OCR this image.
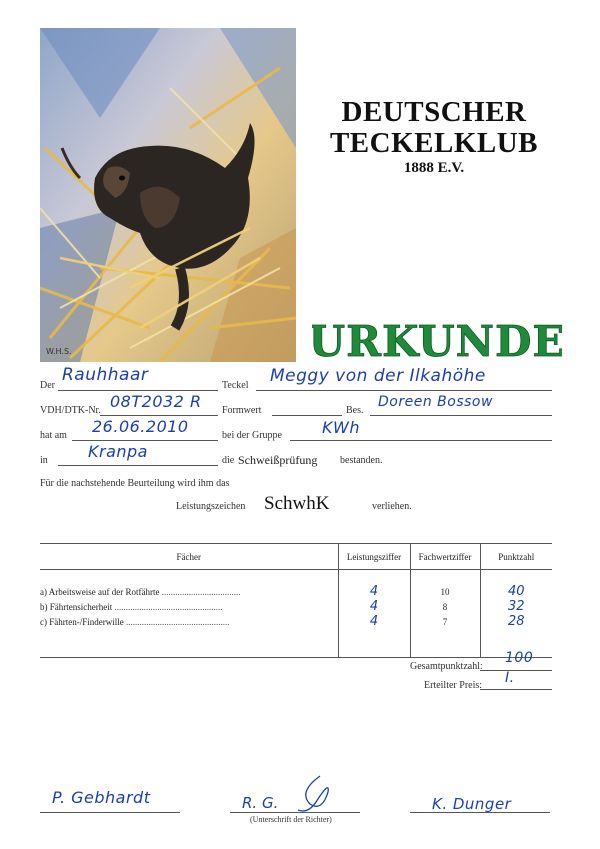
W.H.S.
DEUTSCHER
TECKELKLUB
1888 E.V.
URKUNDE
Der
Rauhhaar
Teckel Meggy von der Ilkahöhe
VDH/DTK-Nr. 08T2032 R Formwert	Bes.
Doreen Bossow
hat am 26.06.2010	bei der Gruppe	KWh
in	Kranpa	die Schweißprüfung bestanden.
Für die nachstehende Beurteilung wird ihm das
Leistungszeichen SchwhK	verliehen.
Fächer	Leistungsziffer	Fachwertziffer	Punktzahl

a) Arbeitsweise auf der Rotfährte ...................................	4	10	40
b) Fährtensicherheit ................................................	4	8	32
c) Fährten-/Finderwille ..............................................	4	7	28

Gesamtpunktzahl:
100
Erteilter Preis: I.
P. Gebhardt	R. G.
(Unterschrift der Richter)
K. Dunger
